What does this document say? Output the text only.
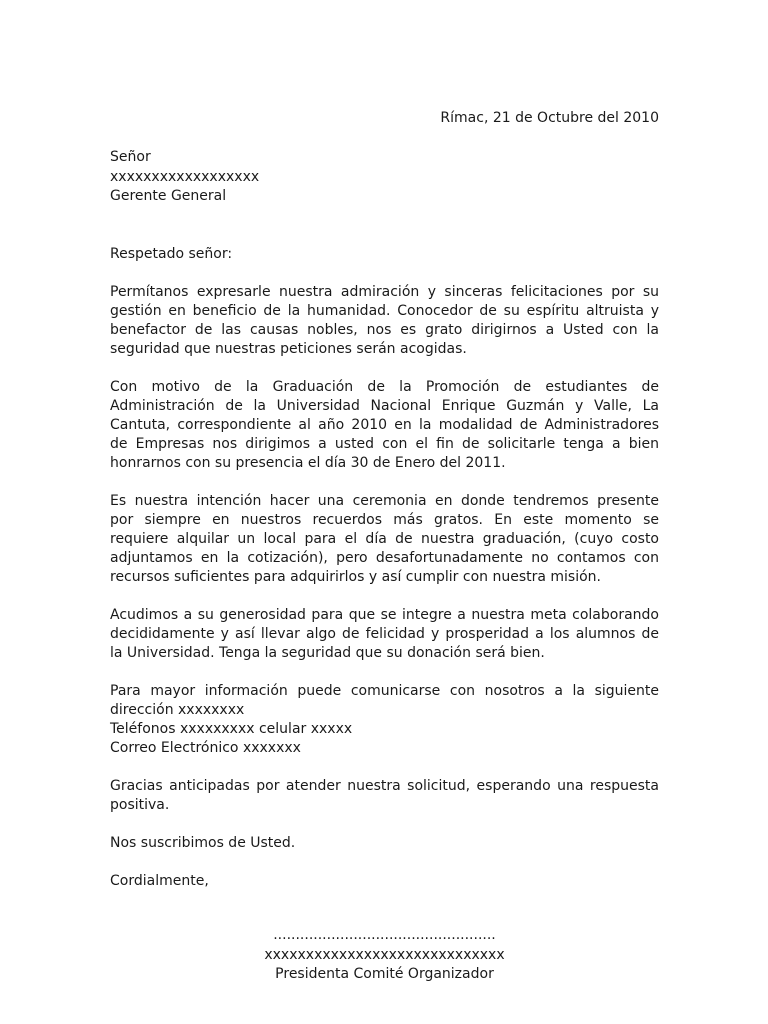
Rímac, 21 de Octubre del 2010
Señor
xxxxxxxxxxxxxxxxxx
Gerente General
Respetado señor:
Permítanos expresarle nuestra admiración y sinceras felicitaciones por su
gestión en beneficio de la humanidad. Conocedor de su espíritu altruista y
benefactor de las causas nobles, nos es grato dirigirnos a Usted con la
seguridad que nuestras peticiones serán acogidas.
Con motivo de la Graduación de la Promoción de estudiantes de
Administración de la Universidad Nacional Enrique Guzmán y Valle, La
Cantuta, correspondiente al año 2010 en la modalidad de Administradores
de Empresas nos dirigimos a usted con el fin de solicitarle tenga a bien
honrarnos con su presencia el día 30 de Enero del 2011.
Es nuestra intención hacer una ceremonia en donde tendremos presente
por siempre en nuestros recuerdos más gratos. En este momento se
requiere alquilar un local para el día de nuestra graduación, (cuyo costo
adjuntamos en la cotización), pero desafortunadamente no contamos con
recursos suficientes para adquirirlos y así cumplir con nuestra misión.
Acudimos a su generosidad para que se integre a nuestra meta colaborando
decididamente y así llevar algo de felicidad y prosperidad a los alumnos de
la Universidad. Tenga la seguridad que su donación será bien.
Para mayor información puede comunicarse con nosotros a la siguiente
dirección xxxxxxxx
Teléfonos xxxxxxxxx celular xxxxx
Correo Electrónico xxxxxxx
Gracias anticipadas por atender nuestra solicitud, esperando una respuesta
positiva.
Nos suscribimos de Usted.
Cordialmente,
..................................................
xxxxxxxxxxxxxxxxxxxxxxxxxxxxx
Presidenta Comité Organizador
